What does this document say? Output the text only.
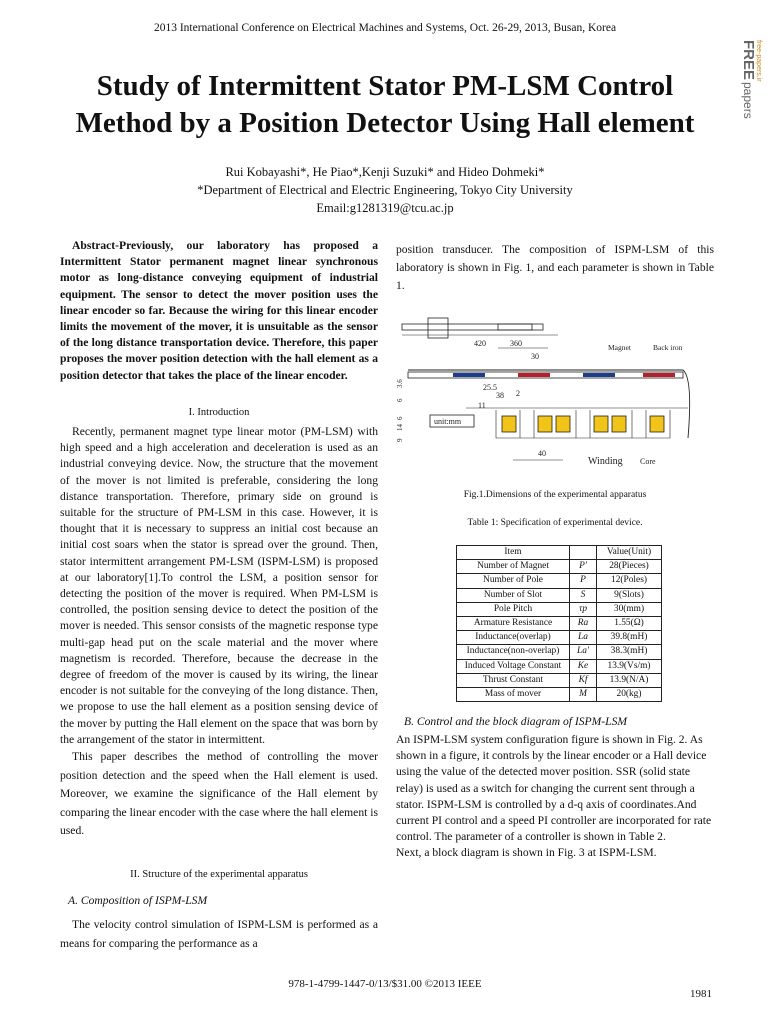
2013 International Conference on Electrical Machines and Systems, Oct. 26-29, 2013, Busan, Korea
Study of Intermittent Stator PM-LSM Control
Method by a Position Detector Using Hall element
FREE
papers
free-papers.ir
Rui Kobayashi*, He Piao*,Kenji Suzuki* and Hideo Dohmeki*
*Department of Electrical and Electric Engineering, Tokyo City University
Email:g1281319@tcu.ac.jp
Abstract-Previously, our laboratory has proposed a Intermittent Stator permanent magnet linear synchronous motor as long-distance conveying equipment of industrial equipment. The sensor to detect the mover position uses the linear encoder so far. Because the wiring for this linear encoder limits the movement of the mover, it is unsuitable as the sensor of the long distance transportation device. Therefore, this paper proposes the mover position detection with the hall element as a position detector that takes the place of the linear encoder.
I. Introduction

Recently, permanent magnet type linear motor (PM-LSM) with high speed and a high acceleration and deceleration is used as an industrial conveying device. Now, the structure that the movement of the mover is not limited is preferable, considering the long distance transportation. Therefore, primary side on ground is suitable for the structure of PM-LSM in this case. However, it is thought that it is necessary to suppress an initial cost because an initial cost soars when the stator is spread over the ground. Then, stator intermittent arrangement PM-LSM (ISPM-LSM) is proposed at our laboratory[1].To control the LSM, a position sensor for detecting the position of the mover is required. When PM-LSM is controlled, the position sensing device to detect the position of the mover is needed. This sensor consists of the magnetic response type multi-gap head put on the scale material and the mover where magnetism is recorded. Therefore, because the decrease in the degree of freedom of the mover is caused by its wiring, the linear encoder is not suitable for the conveying of the long distance. Then, we propose to use the hall element as a position sensing device of the mover by putting the Hall element on the space that was born by the arrangement of the stator in intermittent.

This paper describes the method of controlling the mover position detection and the speed when the Hall element is used. Moreover, we examine the significance of the Hall element by comparing the linear encoder with the case where the hall element is used.

II. Structure of the experimental apparatus
A. Composition of ISPM-LSM

The velocity control simulation of ISPM-LSM is performed as a means for comparing the performance as a

position transducer. The composition of ISPM-LSM of this laboratory is shown in Fig. 1, and each parameter is shown in Table 1.
420	360
30
Magnet	Back iron
25.5
38 2
11
3.6
6
9
14
6	unit:mm
40
Winding Core
Fig.1.Dimensions of the experimental apparatus
Table 1: Specification of experimental device.
Item		Value(Unit)
Number of Magnet	P'	28(Pieces)
Number of Pole	P	12(Poles)
Number of Slot	S	9(Slots)
Pole Pitch	τp	30(mm)
Armature Resistance	Ra	1.55(Ω)
Inductance(overlap)	La	39.8(mH)
Inductance(non-overlap)	La'	38.3(mH)
Induced Voltage Constant	Ke	13.9(Vs/m)
Thrust Constant	Kf	13.9(N/A)
Mass of mover	M	20(kg)
B. Control and the block diagram of ISPM-LSM
An ISPM-LSM system configuration figure is shown in Fig. 2. As shown in a figure, it controls by the linear encoder or a Hall device using the value of the detected mover position. SSR (solid state relay) is used as a switch for changing the current sent through a stator. ISPM-LSM is controlled by a d-q axis of coordinates.And current PI control and a speed PI controller are incorporated for rate control. The parameter of a controller is shown in Table 2.
Next, a block diagram is shown in Fig. 3 at ISPM-LSM.
978-1-4799-1447-0/13/$31.00 ©2013 IEEE
1981
